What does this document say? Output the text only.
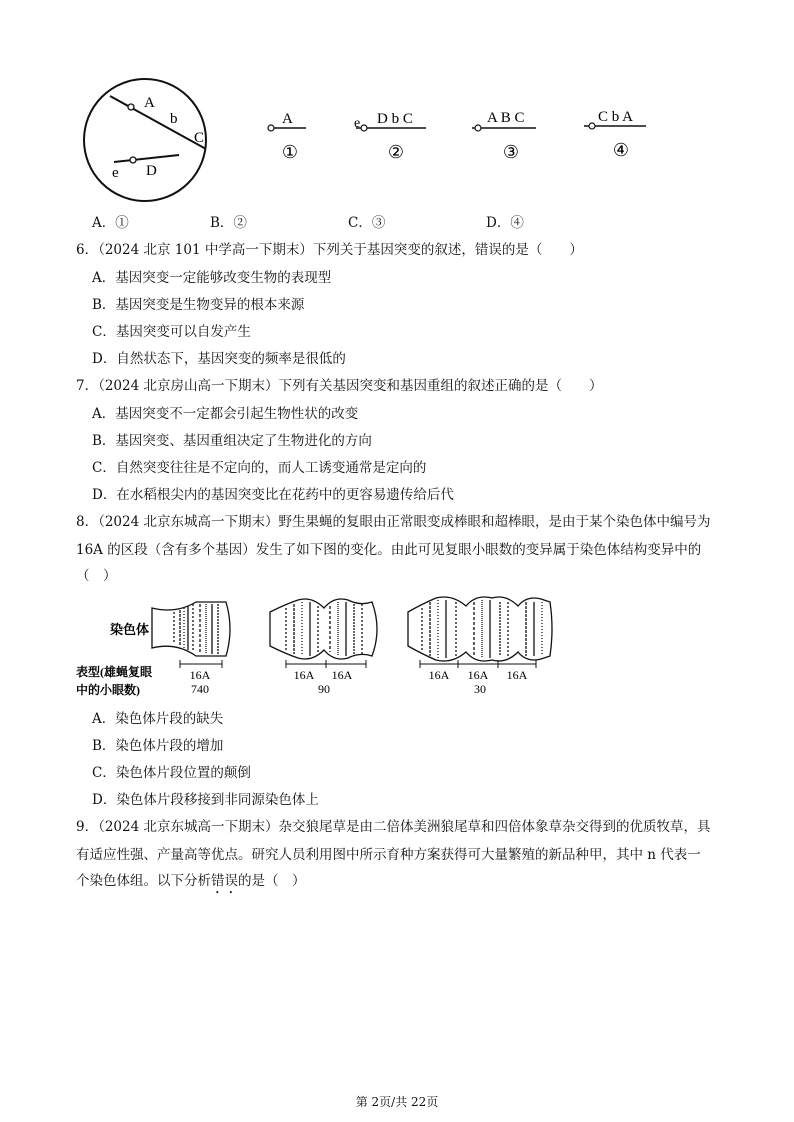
A
b
C
e D
A
①
e D b C
②
A B C
③
C b A
④
A．①	B．②	C．③	D．④
6．（2024 北京 101 中学高一下期末）下列关于基因突变的叙述，错误的是（　　）
A．基因突变一定能够改变生物的表现型
B．基因突变是生物变异的根本来源
C．基因突变可以自发产生
D．自然状态下，基因突变的频率是很低的
7．（2024 北京房山高一下期末）下列有关基因突变和基因重组的叙述正确的是（　　）
A．基因突变不一定都会引起生物性状的改变
B．基因突变、基因重组决定了生物进化的方向
C．自然突变往往是不定向的，而人工诱变通常是定向的
D．在水稻根尖内的基因突变比在花药中的更容易遗传给后代
8．（2024 北京东城高一下期末）野生果蝇的复眼由正常眼变成棒眼和超棒眼，是由于某个染色体中编号为
16A 的区段（含有多个基因）发生了如下图的变化。由此可见复眼小眼数的变异属于染色体结构变异中的
（　）
染色体
表型(雄蝇复眼
中的小眼数)
16A
740
16A 16A
90
16A 16A 16A
30
A．染色体片段的缺失
B．染色体片段的增加
C．染色体片段位置的颠倒
D．染色体片段移接到非同源染色体上
9．（2024 北京东城高一下期末）杂交狼尾草是由二倍体美洲狼尾草和四倍体象草杂交得到的优质牧草，具
有适应性强、产量高等优点。研究人员利用图中所示育种方案获得可大量繁殖的新品种甲，其中 n 代表一
个染色体组。以下分析错误的是（　）
第 2页/共 22页
